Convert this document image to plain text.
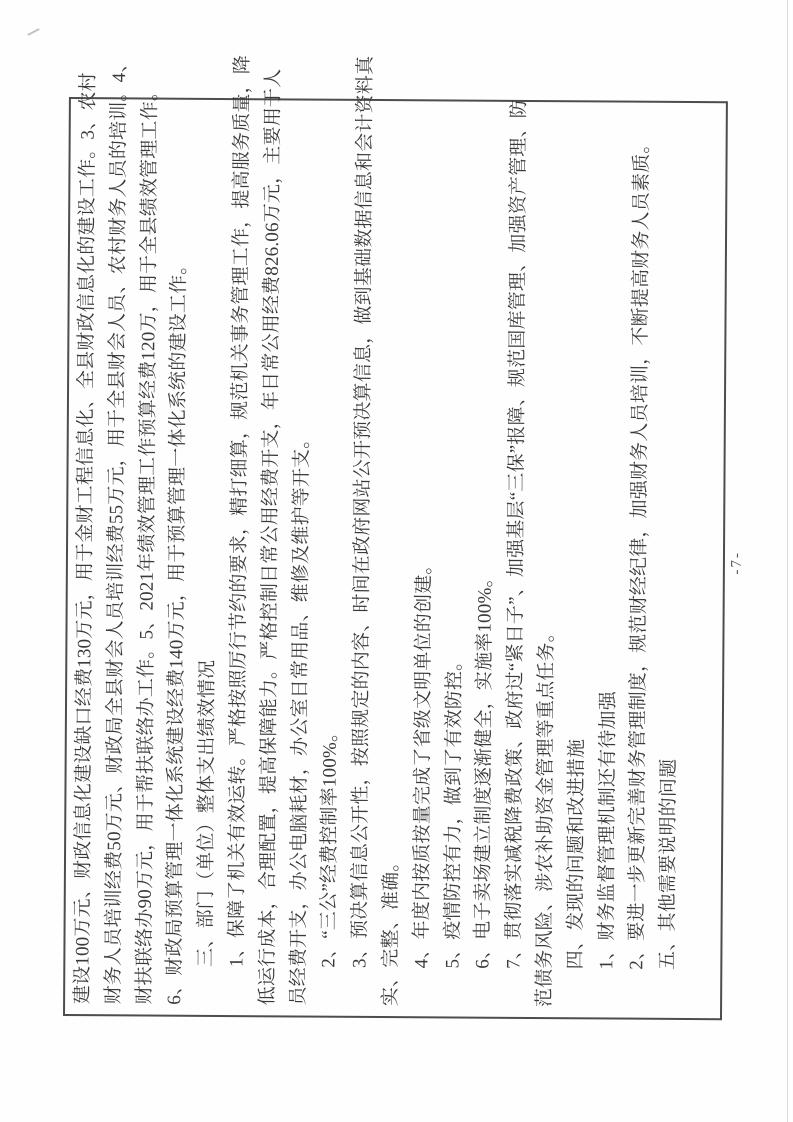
建设100万元、财政信息化建设缺口经费130万元，用于金财工程信息化、全县财政信息化的建设工作。3、农村 财务人员培训经费50万元、财政局全县财会人员培训经费55万元，用于全县财会人员、农村财务人员的培训。4、 财扶联络办90万元，用于帮扶联络办工作。5、2021年绩效管理工作预算经费120万，用于全县绩效管理工作。 6、财政局预算管理一体化系统建设经费140万元，用于预算管理一体化系统的建设工作。 三、部门（单位）整体支出绩效情况 1、保障了机关有效运转。严格按照厉行节约的要求，精打细算，规范机关事务管理工作，提高服务质量，降 低运行成本，合理配置，提高保障能力。严格控制日常公用经费开支，年日常公用经费826.06万元，主要用于人 员经费开支，办公电脑耗材，办公室日常用品、维修及维护等开支。 2、“三公”经费控制率100%。 3、预决算信息公开性，按照规定的内容、时间在政府网站公开预决算信息，做到基础数据信息和会计资料真 实、完整、准确。 4、年度内按质按量完成了省级文明单位的创建。 5、疫情防控有力，做到了有效防控。 6、电子卖场建立制度逐渐健全，实施率100%。 7、贯彻落实减税降费政策、政府过“紧日子”、加强基层“三保”报障、规范国库管理、加强资产管理、防 范债务风险、涉农补助资金管理等重点任务。 四、发现的问题和改进措施 1、财务监督管理机制还有待加强 2、要进一步更新完善财务管理制度，规范财经纪律，加强财务人员培训，不断提高财务人员素质。 五、其他需要说明的问题
-7-
